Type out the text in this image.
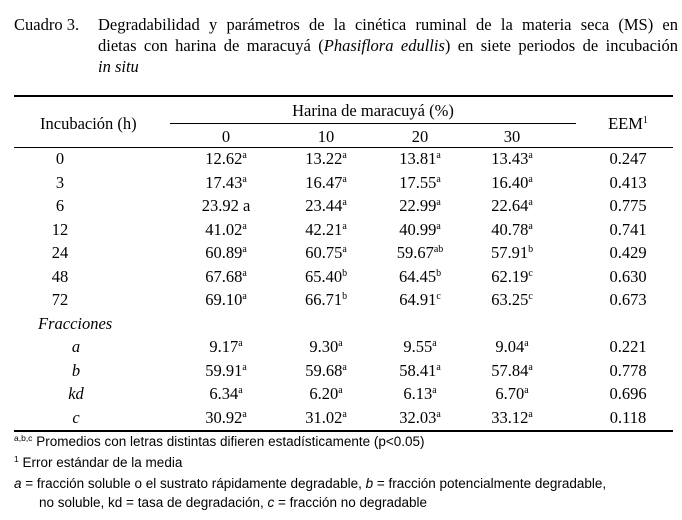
Cuadro 3. Degradabilidad y parámetros de la cinética ruminal de la materia seca (MS) en
dietas con harina de maracuyá (Phasiflora edullis) en siete periodos de incubación
in situ
Incubación (h)
Harina de maracuyá (%)
0	10	20	30
EEM$^1$
0	12.62$^a$	13.22$^a$	13.81$^a$	13.43$^a$	0.247
3	17.43$^a$	16.47$^a$	17.55$^a$	16.40$^a$	0.413
6	23.92 a	23.44$^a$	22.99$^a$	22.64$^a$	0.775
12	41.02$^a$	42.21$^a$	40.99$^a$	40.78$^a$	0.741
24	60.89$^a$	60.75$^a$	59.67$^{ab}$	57.91$^b$	0.429
48	67.68$^a$	65.40$^b$	64.45$^b$	62.19$^c$	0.630
72	69.10$^a$	66.71$^b$	64.91$^c$	63.25$^c$	0.673
Fracciones
a	9.17$^a$	9.30$^a$	9.55$^a$	9.04$^a$	0.221
b	59.91$^a$	59.68$^a$	58.41$^a$	57.84$^a$	0.778
kd	6.34$^a$	6.20$^a$	6.13$^a$	6.70$^a$	0.696
c	30.92$^a$	31.02$^a$	32.03$^a$	33.12$^a$	0.118
$^{a,b,c}$ Promedios con letras distintas difieren estadísticamente (p<0.05)
$^1$ Error estándar de la media
a = fracción soluble o el sustrato rápidamente degradable, b = fracción potencialmente degradable,
no soluble, kd = tasa de degradación, c = fracción no degradable
